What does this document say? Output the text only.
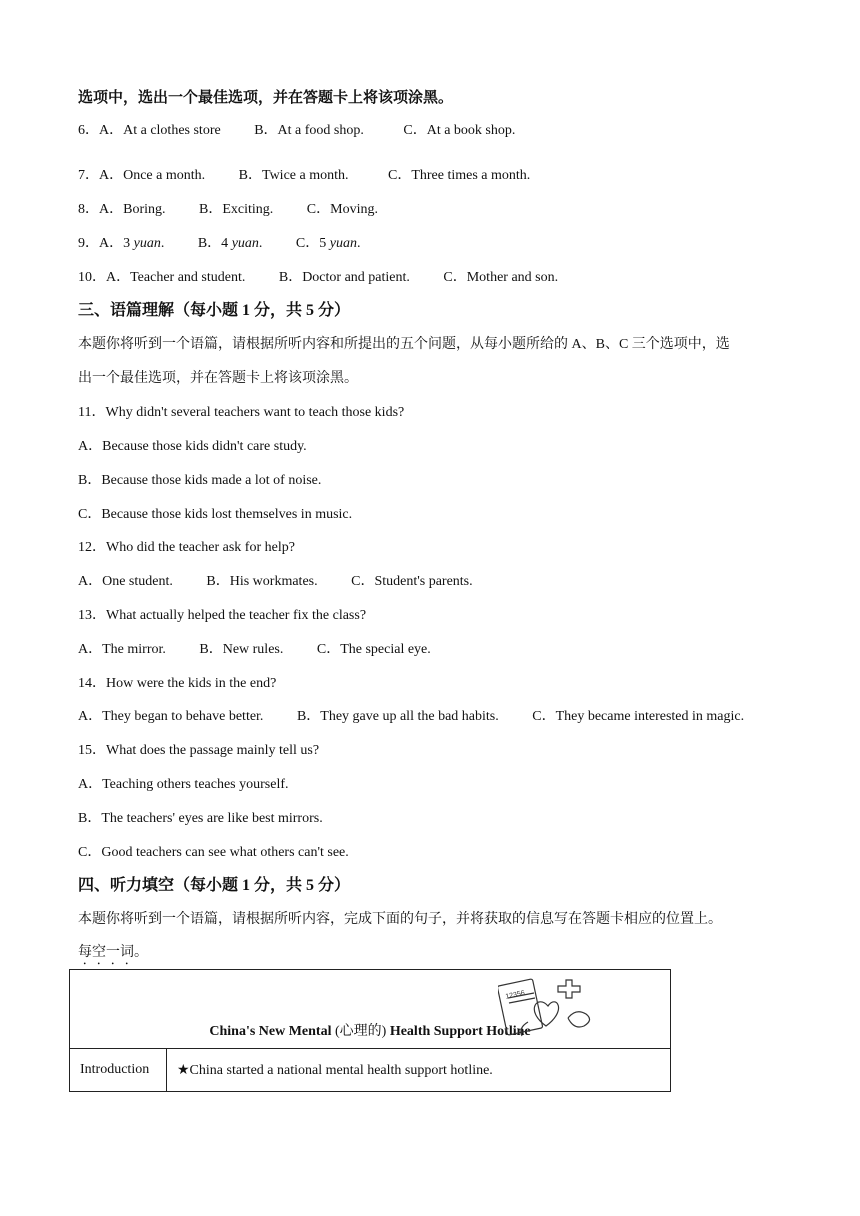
选项中，选出一个最佳选项，并在答题卡上将该项涂黑。
6．A．At a clothes store B．At a food shop.	C．At a book shop.
7．A．Once a month. B．Twice a month.	C．Three times a month.
8．A．Boring. B．Exciting. C．Moving.
9．A．3 yuan. B．4 yuan. C．5 yuan.
10．A．Teacher and student. B．Doctor and patient. C．Mother and son.
三、语篇理解（每小题 1 分，共 5 分）
本题你将听到一个语篇，请根据所听内容和所提出的五个问题，从每小题所给的 A、B、C 三个选项中，选
出一个最佳选项，并在答题卡上将该项涂黑。
11．Why didn't several teachers want to teach those kids?
A．Because those kids didn't care study.
B．Because those kids made a lot of noise.
C．Because those kids lost themselves in music.
12．Who did the teacher ask for help?
A．One student. B．His workmates. C．Student's parents.
13．What actually helped the teacher fix the class?
A．The mirror. B．New rules. C．The special eye.
14．How were the kids in the end?
A．They began to behave better. B．They gave up all the bad habits. C．They became interested in magic.
15．What does the passage mainly tell us?
A．Teaching others teaches yourself.
B．The teachers' eyes are like best mirrors.
C．Good teachers can see what others can't see.
四、听力填空（每小题 1 分，共 5 分）
本题你将听到一个语篇，请根据所听内容，完成下面的句子，并将获取的信息写在答题卡相应的位置上。
每空一词。
China's New Mental (心理的) Health Support Hotline
12356

Introduction	★China started a national mental health support hotline.
